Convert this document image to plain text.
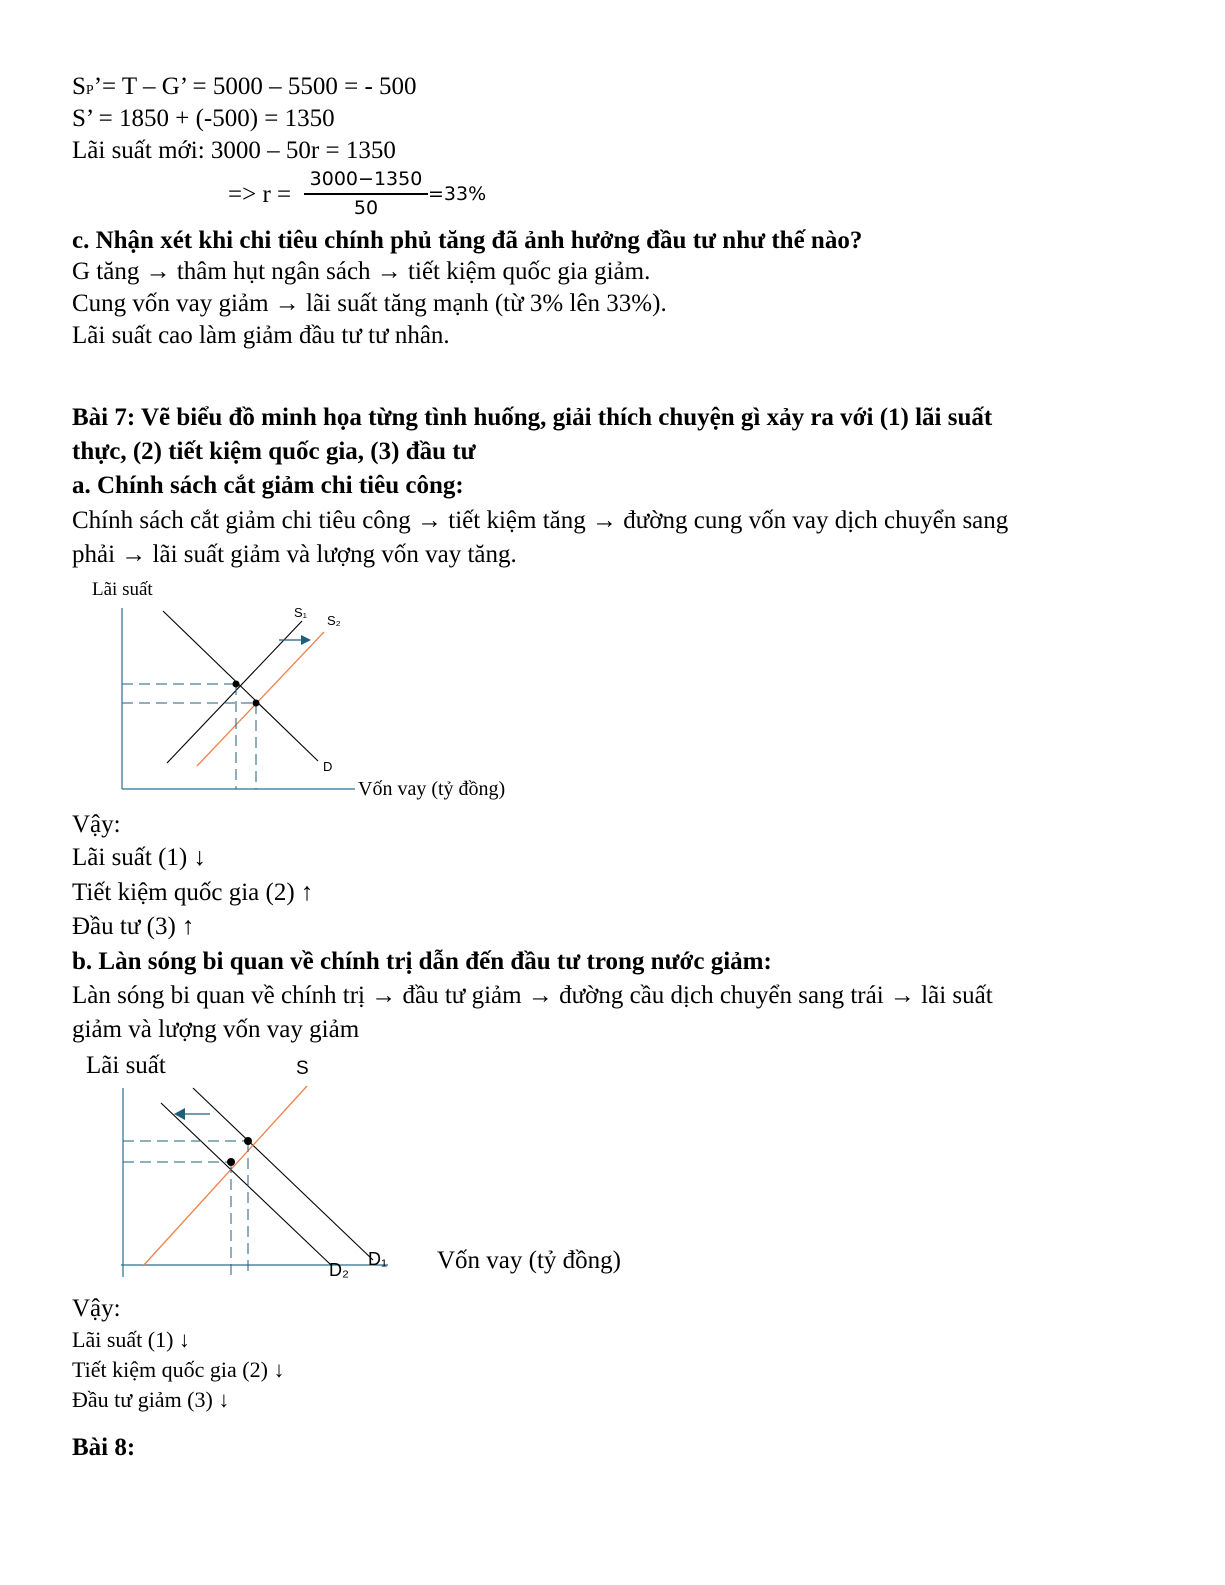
SP’= T – G’ = 5000 – 5500 = - 500
S’ = 1850 + (-500) = 1350
Lãi suất mới: 3000 – 50r = 1350
=> r =
3000−1350
50
=33%
c. Nhận xét khi chi tiêu chính phủ tăng đã ảnh hưởng đầu tư như thế nào?
G tăng → thâm hụt ngân sách → tiết kiệm quốc gia giảm.
Cung vốn vay giảm → lãi suất tăng mạnh (từ 3% lên 33%).
Lãi suất cao làm giảm đầu tư tư nhân.
Bài 7: Vẽ biểu đồ minh họa từng tình huống, giải thích chuyện gì xảy ra với (1) lãi suất
thực, (2) tiết kiệm quốc gia, (3) đầu tư
a. Chính sách cắt giảm chi tiêu công:
Chính sách cắt giảm chi tiêu công → tiết kiệm tăng → đường cung vốn vay dịch chuyển sang
phải → lãi suất giảm và lượng vốn vay tăng.
Lãi suất
Vốn vay (tỷ đồng)
S₁
S₂
D
Vậy:
Lãi suất (1) ↓
Tiết kiệm quốc gia (2) ↑
Đầu tư (3) ↑
b. Làn sóng bi quan về chính trị dẫn đến đầu tư trong nước giảm:
Làn sóng bi quan về chính trị → đầu tư giảm → đường cầu dịch chuyển sang trái → lãi suất
giảm và lượng vốn vay giảm
Lãi suất	S
Vốn vay (tỷ đồng)
D₂
D₁
Vậy:
Lãi suất (1) ↓
Tiết kiệm quốc gia (2) ↓
Đầu tư giảm (3) ↓
Bài 8:
